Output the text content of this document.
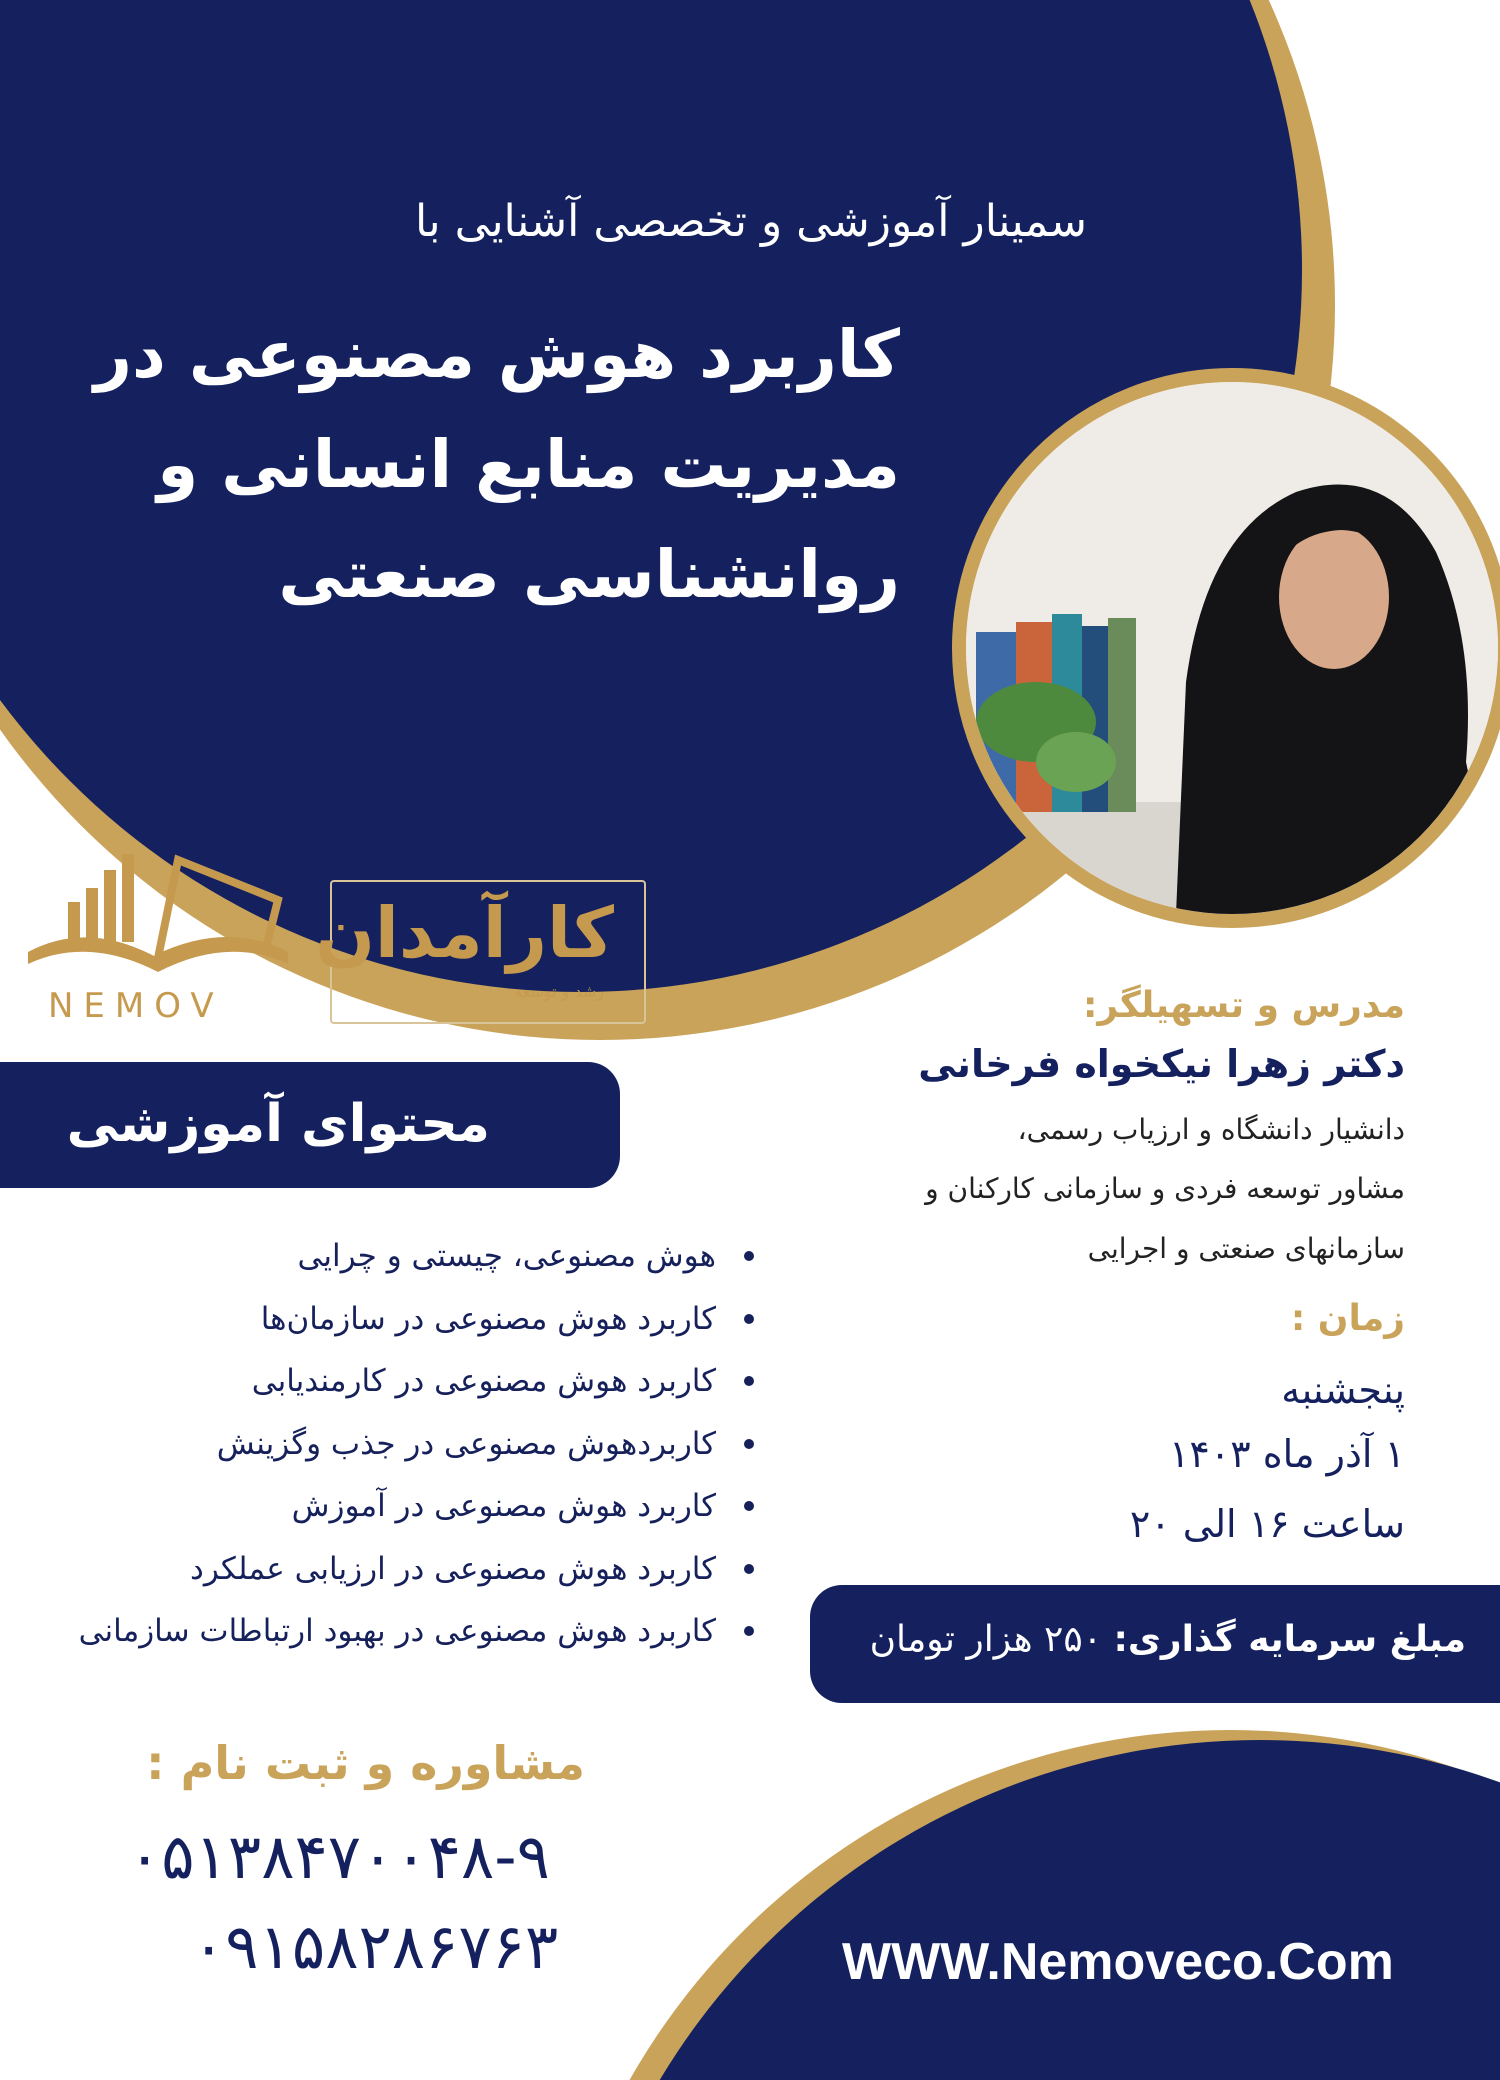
سمینار آموزشی و تخصصی آشنایی با
کاربرد هوش مصنوعی در
مدیریت منابع انسانی و
روانشناسی صنعتی
NEMOV
کارآمدان
رشد و توسعه
محتوای آموزشی
هوش مصنوعی، چیستی و چرایی
کاربرد هوش مصنوعی در سازمان‌ها
کاربرد هوش مصنوعی در کارمندیابی
کاربردهوش مصنوعی در جذب وگزینش
کاربرد هوش مصنوعی در آموزش
کاربرد هوش مصنوعی در ارزیابی عملکرد
کاربرد هوش مصنوعی در بهبود ارتباطات سازمانی
مدرس و تسهیلگر:
دکتر زهرا نیکخواه فرخانی
دانشیار دانشگاه و ارزیاب رسمی،
مشاور توسعه فردی و سازمانی کارکنان و
سازمانهای صنعتی و اجرایی
زمان :
پنجشنبه
۱ آذر ماه ۱۴۰۳
ساعت ۱۶ الی ۲۰
مبلغ سرمایه گذاری: ۲۵۰ هزار تومان
مشاوره و ثبت نام :
۰۵۱۳۸۴۷۰۰۴۸-۹
۰۹۱۵۸۲۸۶۷۶۳	WWW.Nemoveco.Com
